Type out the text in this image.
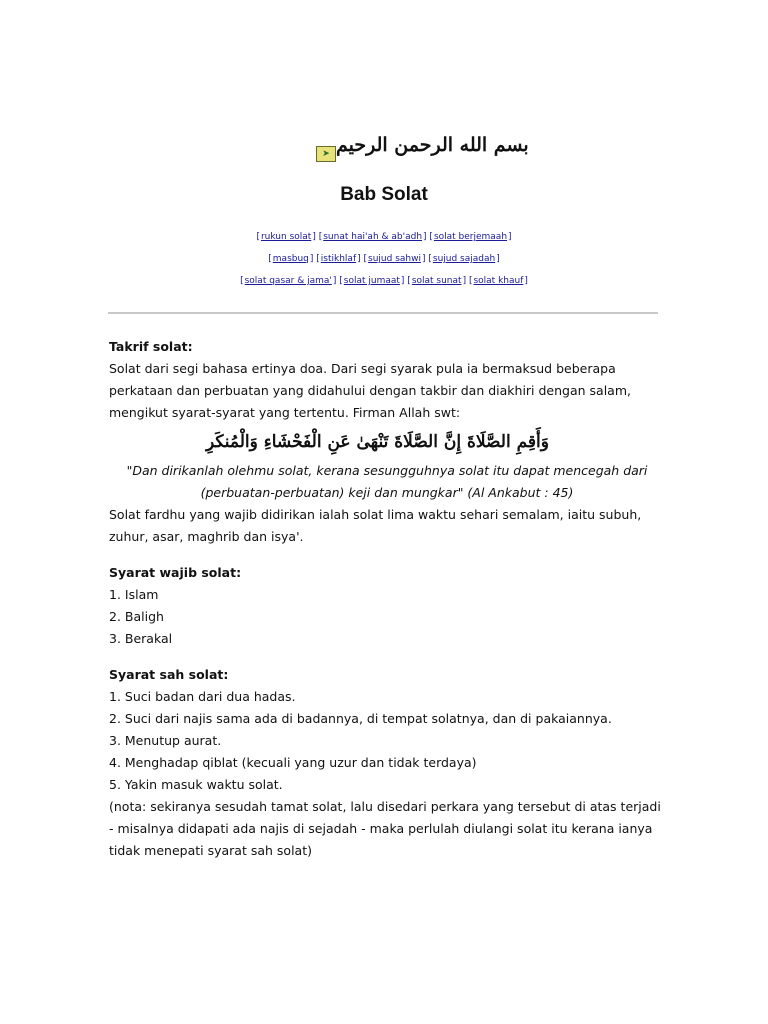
➤ بسم الله الرحمن الرحيم
Bab Solat
[rukun solat] [sunat hai'ah & ab'adh] [solat berjemaah]
[masbuq] [istikhlaf] [sujud sahwi] [sujud sajadah]
[solat qasar & jama'] [solat jumaat] [solat sunat] [solat khauf]

Takrif solat:

Solat dari segi bahasa ertinya doa. Dari segi syarak pula ia bermaksud beberapa perkataan dan perbuatan yang didahului dengan takbir dan diakhiri dengan salam, mengikut syarat-syarat yang tertentu. Firman Allah swt:

وَأَقِمِ الصَّلَاةَ إِنَّ الصَّلَاةَ تَنْهَىٰ عَنِ الْفَحْشَاءِ وَالْمُنكَرِ

"Dan dirikanlah olehmu solat, kerana sesungguhnya solat itu dapat mencegah dari (perbuatan-perbuatan) keji dan mungkar" (Al Ankabut : 45)

Solat fardhu yang wajib didirikan ialah solat lima waktu sehari semalam, iaitu subuh, zuhur, asar, maghrib dan isya'.

Syarat wajib solat:

1. Islam

2. Baligh

3. Berakal

Syarat sah solat:

1. Suci badan dari dua hadas.

2. Suci dari najis sama ada di badannya, di tempat solatnya, dan di pakaiannya.

3. Menutup aurat.

4. Menghadap qiblat (kecuali yang uzur dan tidak terdaya)

5. Yakin masuk waktu solat.

(nota: sekiranya sesudah tamat solat, lalu disedari perkara yang tersebut di atas terjadi - misalnya didapati ada najis di sejadah - maka perlulah diulangi solat itu kerana ianya tidak menepati syarat sah solat)
